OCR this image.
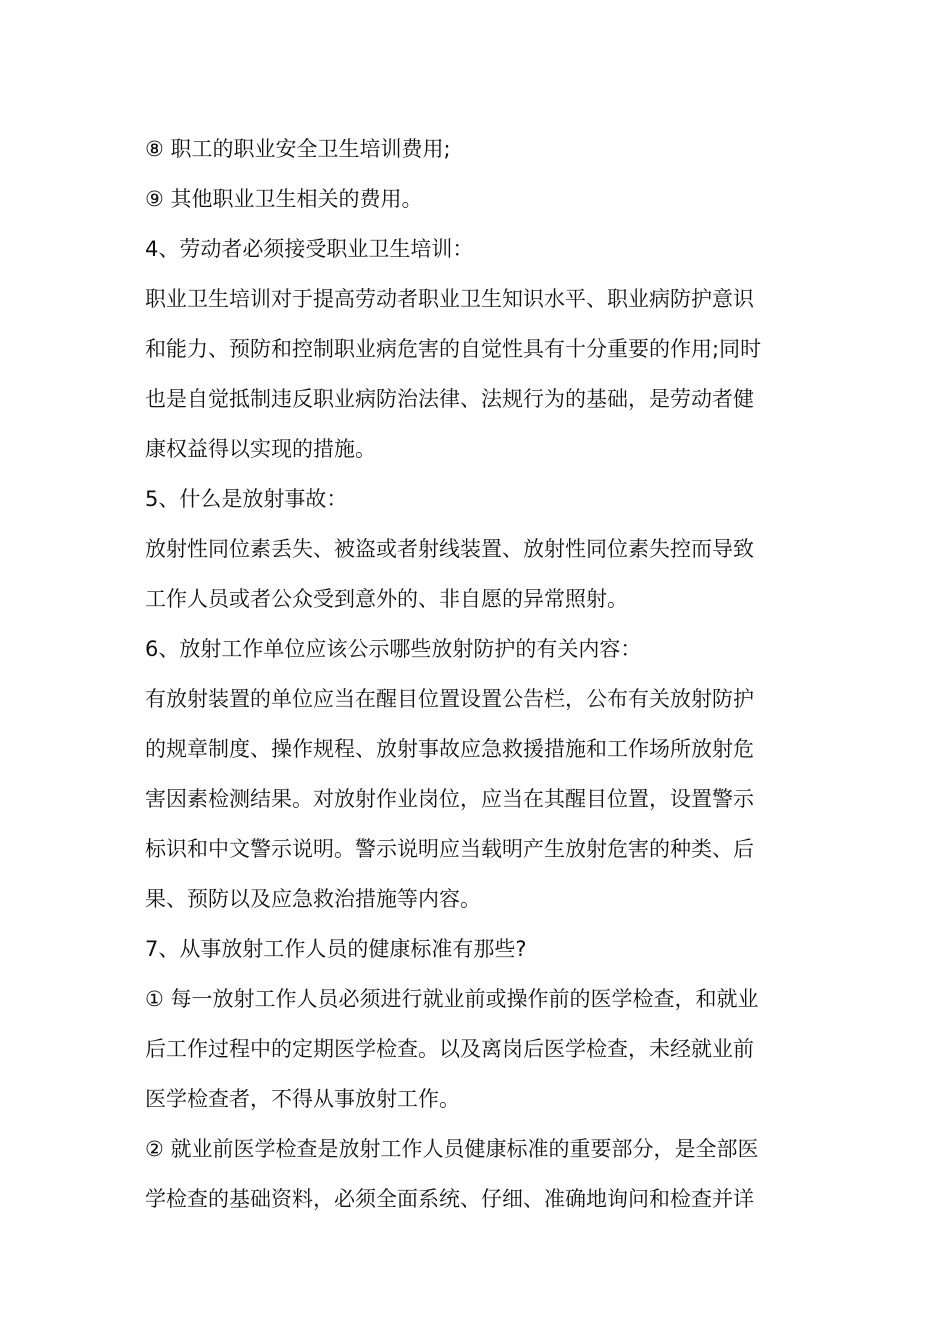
⑧ 职工的职业安全卫生培训费用;

⑨ 其他职业卫生相关的费用。

4、劳动者必须接受职业卫生培训：

职业卫生培训对于提高劳动者职业卫生知识水平、职业病防护意识

和能力、预防和控制职业病危害的自觉性具有十分重要的作用;同时

也是自觉抵制违反职业病防治法律、法规行为的基础，是劳动者健

康权益得以实现的措施。

5、什么是放射事故：

放射性同位素丢失、被盗或者射线装置、放射性同位素失控而导致

工作人员或者公众受到意外的、非自愿的异常照射。

6、放射工作单位应该公示哪些放射防护的有关内容：

有放射装置的单位应当在醒目位置设置公告栏，公布有关放射防护

的规章制度、操作规程、放射事故应急救援措施和工作场所放射危

害因素检测结果。对放射作业岗位，应当在其醒目位置，设置警示

标识和中文警示说明。警示说明应当载明产生放射危害的种类、后

果、预防以及应急救治措施等内容。

7、从事放射工作人员的健康标准有那些?

① 每一放射工作人员必须进行就业前或操作前的医学检查，和就业

后工作过程中的定期医学检查。以及离岗后医学检查，未经就业前

医学检查者，不得从事放射工作。

② 就业前医学检查是放射工作人员健康标准的重要部分，是全部医

学检查的基础资料，必须全面系统、仔细、准确地询问和检查并详
